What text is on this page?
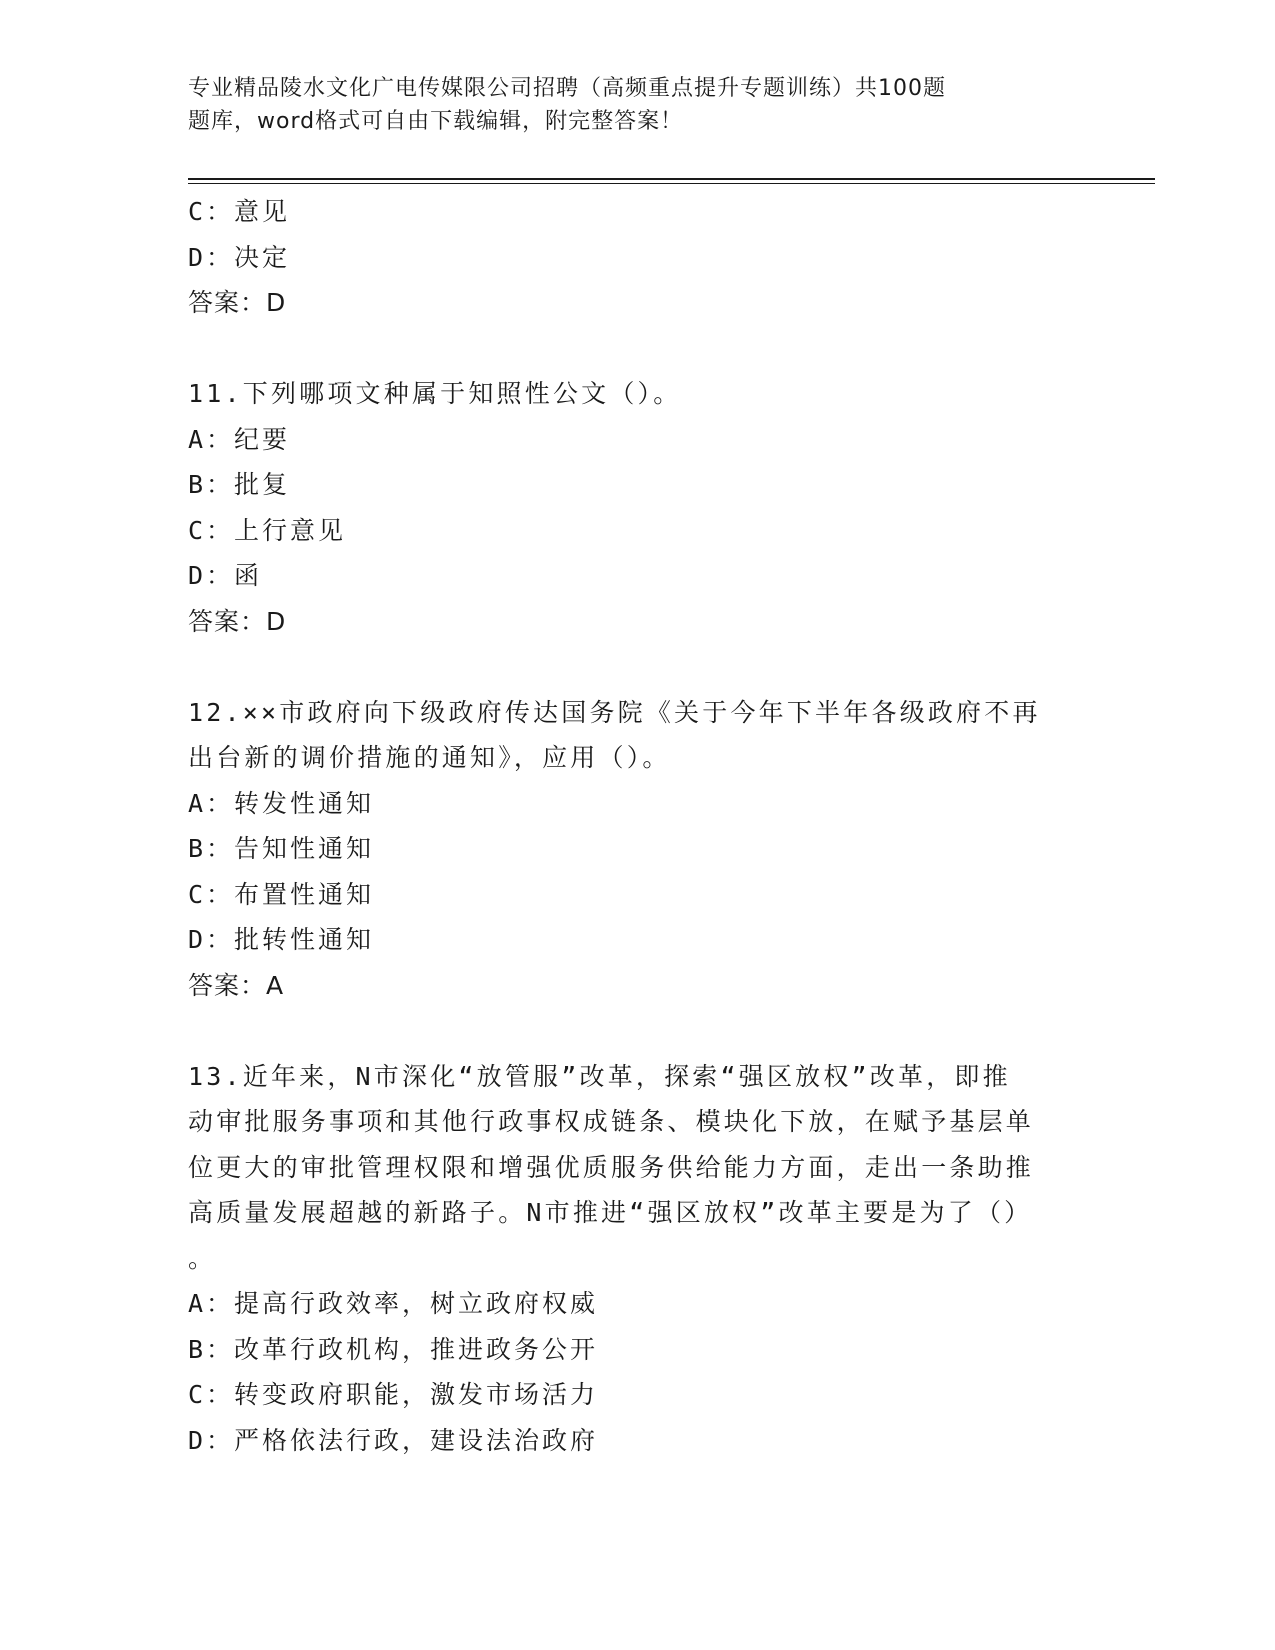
专业精品陵水文化广电传媒限公司招聘（高频重点提升专题训练）共100题
题库，word格式可自由下载编辑，附完整答案！
C：意见
D：决定
答案：D
11.下列哪项文种属于知照性公文（）。
A：纪要
B：批复
C：上行意见
D：函
答案：D
12.××市政府向下级政府传达国务院《关于今年下半年各级政府不再
出台新的调价措施的通知》，应用（）。
A：转发性通知
B：告知性通知
C：布置性通知
D：批转性通知
答案：A
13.近年来，N市深化“放管服”改革，探索“强区放权”改革，即推
动审批服务事项和其他行政事权成链条、模块化下放，在赋予基层单
位更大的审批管理权限和增强优质服务供给能力方面，走出一条助推
高质量发展超越的新路子。N市推进“强区放权”改革主要是为了（）
。
A：提高行政效率，树立政府权威
B：改革行政机构，推进政务公开
C：转变政府职能，激发市场活力
D：严格依法行政，建设法治政府
